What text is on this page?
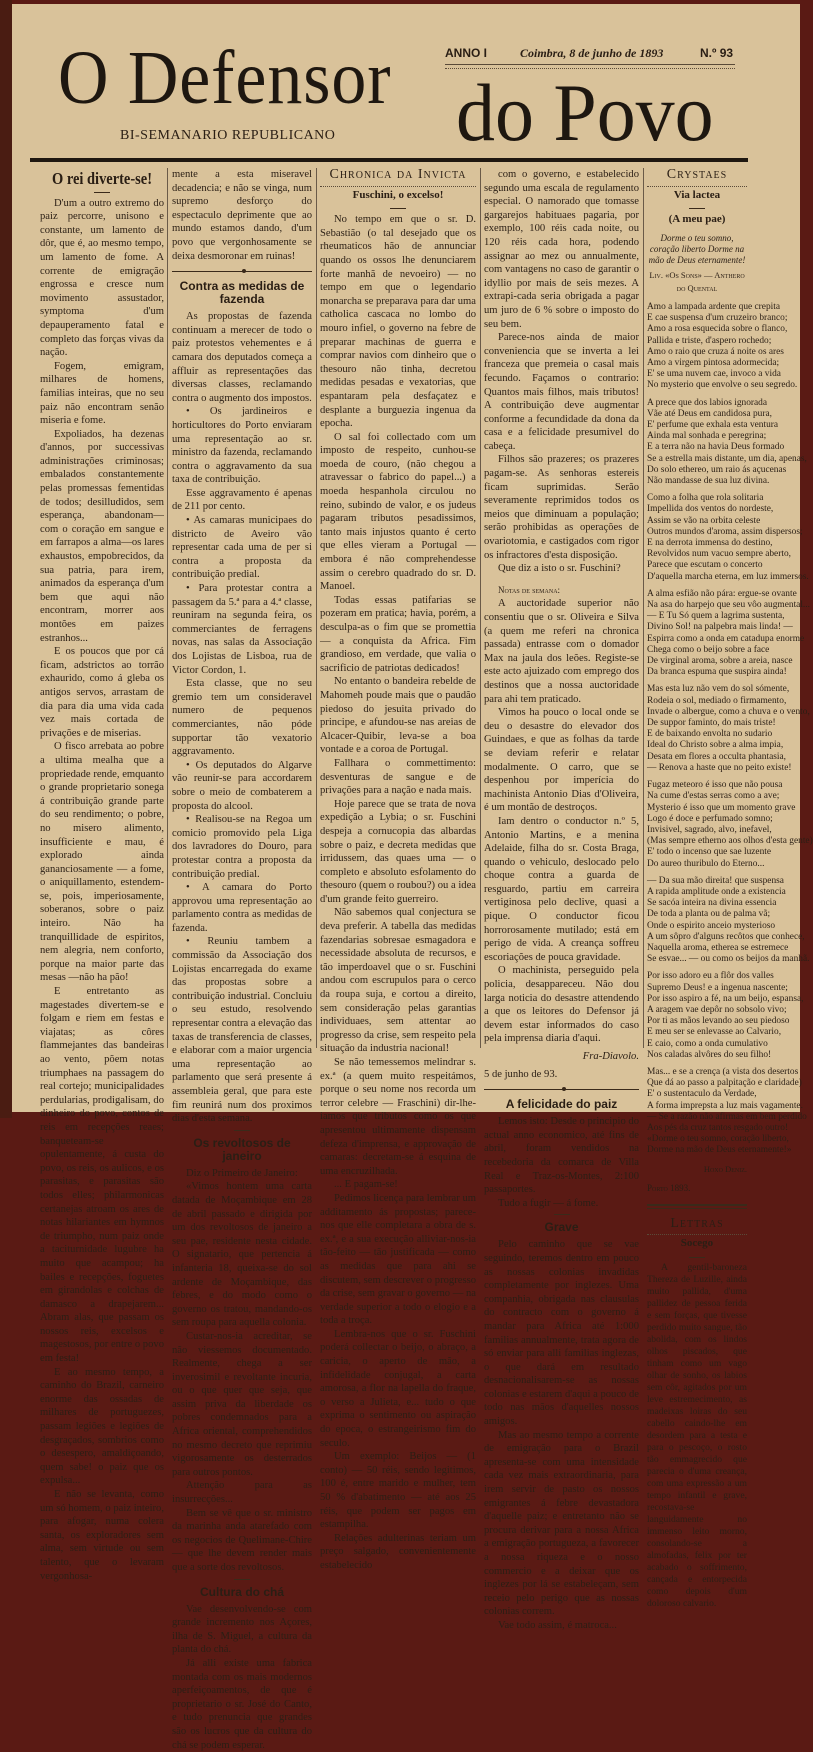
O Defensor do Povo
BI-SEMANARIO REPUBLICANO
ANNO I	Coimbra, 8 de junho de 1893	N.º 93
O rei diverte-se!

D'um a outro extremo do paiz percorre, unisono e constante, um lamento de dôr, que é, ao mesmo tempo, um lamento de fome. A corrente de emigração engrossa e cresce num movimento assustador, symptoma d'um depauperamento fatal e completo das forças vivas da nação.

Fogem, emigram, milhares de homens, familias inteiras, que no seu paiz não encontram senão miseria e fome.

Expoliados, ha dezenas d'annos, por successivas administrações criminosas; embalados constantemente pelas promessas fementidas de todos; desilludidos, sem esperança, abandonam—com o coração em sangue e em farrapos a alma—os lares exhaustos, empobrecidos, da sua patria, para irem, animados da esperança d'um bem que aqui não encontram, morrer aos montões em paizes estranhos...

E os poucos que por cá ficam, adstrictos ao torrão exhaurido, como á gleba os antigos servos, arrastam de dia para dia uma vida cada vez mais cortada de privações e de miserias.

O fisco arrebata ao pobre a ultima mealha que a propriedade rende, emquanto o grande proprietario sonega á contribuição grande parte do seu rendimento; o pobre, no misero alimento, insufficiente e mau, é explorado ainda gananciosamente — a fome, o aniquillamento, estendem-se, pois, imperiosamente, soberanos, sobre o paiz inteiro. Não ha tranquillidade de espiritos, nem alegria, nem conforto, porque na maior parte das mesas —não ha pão!

E entretanto as magestades divertem-se e folgam e riem em festas e viajatas; as côres flammejantes das bandeiras ao vento, põem notas triumphaes na passagem do real cortejo; municipalidades perdularias, prodigalisam, do dinheiro do povo, contos de reis em recepções reaes; banqueteam-se opulentamente, á custa do povo, os reis, os aulicos, e os parasitas, e parasitas são todos elles; philarmonicas certanejas atroam os ares de notas hilariantes em hymnos de triumpho, num paiz onde a taciturnidade lugubre ha muito que acampou; ha bailes e recepções, foguetes em girandolas e colchas de damasco a drapejarem... Abram alas, que passam os nossos reis, excelsos e magestosos, por entre o povo em festa!

E ao mesmo tempo, a caminho do Brazil, carneiro enorme das ossadas de milhares de portuguezes, passam legiões e legiões de desgraçados, sombrios como o desespero, amaldiçoando, quem sabe! o paiz que os expulsa...

E não se levanta, como um só homem, o paiz inteiro, para afogar, numa colera santa, os exploradores sem alma, sem virtude ou sem talento, que o levaram vergonhosa-

mente a esta miseravel decadencia; e não se vinga, num supremo desforço do espectaculo deprimente que ao mundo estamos dando, d'um povo que vergonhosamente se deixa desmoronar em ruinas!

Contra as medidas de fazenda

As propostas de fazenda continuam a merecer de todo o paiz protestos vehementes e á camara dos deputados começa a affluir as representações das diversas classes, reclamando contra o augmento dos impostos.

• Os jardineiros e horticultores do Porto enviaram uma representação ao sr. ministro da fazenda, reclamando contra o aggravamento da sua taxa de contribuição.

Esse aggravamento é apenas de 211 por cento.

• As camaras municipaes do districto de Aveiro vão representar cada uma de per si contra a proposta da contribuição predial.

• Para protestar contra a passagem da 5.ª para a 4.ª classe, reuniram na segunda feira, os commerciantes de ferragens novas, nas salas da Associação dos Lojistas de Lisboa, rua de Victor Cordon, 1.

Esta classe, que no seu gremio tem um consideravel numero de pequenos commerciantes, não póde supportar tão vexatorio aggravamento.

• Os deputados do Algarve vão reunir-se para accordarem sobre o meio de combaterem a proposta do alcool.

• Realisou-se na Regoa um comicio promovido pela Liga dos lavradores do Douro, para protestar contra a proposta da contribuição predial.

• A camara do Porto approvou uma representação ao parlamento contra as medidas de fazenda.

• Reuniu tambem a commissão da Associação dos Lojistas encarregada do exame das propostas sobre a contribuição industrial. Concluiu o seu estudo, resolvendo representar contra a elevação das taxas de transferencia de classes, e elaborar com a maior urgencia uma representação ao parlamento que será presente á assembleia geral, que para este fim reunirá num dos proximos dias d'esta semana.

Os revoltosos de janeiro

Diz o Primeiro de Janeiro:

«Vimos hontem uma carta datada de Moçambique em 28 de abril passado e dirigida por um dos revoltosos de janeiro a seu pae, residente nesta cidade. O signatario, que pertencia á infanteria 18, queixa-se do sol ardente de Moçambique, das febres, e do modo como o governo os tratou, mandando-os sem roupa para aquella colonia.

Custar-nos-ia acreditar, se não viessemos documentado. Realmente, chega a ser inverosimil e revoltante incuria, ou o que quer que seja, que assim priva da liberdade os pobres condemnados para a Africa oriental, comprehendidos no mesmo decreto que reprimiu vigorosamente os desterrados para outros pontos.

Attenção para as insurrecções...

Bem se vê que o sr. ministro da marinha anda atarefado com os negocios de Quelimane-Chire — que lhe devem render mais que a sorte dos revoltosos.

Cultura do chá

Vae desenvolvendo-se com grande incremento nos Açores, ilha de S. Miguel, a cultura da planta do chá.

Já alli existe uma fabrica montada com os mais modernos aperfeiçoamentos, de que é proprietario o sr. José do Canto, e tudo prenuncia que grandes são os lucros que da cultura do chá se podem esperar.

Chronica da Invicta
Fuschini, o excelso!

No tempo em que o sr. D. Sebastião (o tal desejado que os rheumaticos hão de annunciar quando os ossos lhe denunciarem forte manhã de nevoeiro) — no tempo em que o legendario monarcha se preparava para dar uma catholica cascaca no lombo do mouro infiel, o governo na febre de preparar machinas de guerra e comprar navios com dinheiro que o thesouro não tinha, decretou medidas pesadas e vexatorias, que espantaram pela desfaçatez e desplante a burguezia ingenua da epocha.

O sal foi collectado com um imposto de respeito, cunhou-se moeda de couro, (não chegou a atravessar o fabrico do papel...) a moeda hespanhola circulou no reino, subindo de valor, e os judeus pagaram tributos pesadissimos, tanto mais injustos quanto é certo que elles vieram a Portugal — embora é não comprehendesse assim o cerebro quadrado do sr. D. Manoel.

Todas essas patifarias se pozeram em pratica; havia, porém, a desculpa-as o fim que se promettia — a conquista da Africa. Fim grandioso, em verdade, que valia o sacrificio de patriotas dedicados!

No entanto o bandeira rebelde de Mahomeh poude mais que o paudão piedoso do jesuita privado do principe, e afundou-se nas areias de Alcacer-Quibir, leva-se a boa vontade e a coroa de Portugal.

Fallhara o commettimento: desventuras de sangue e de privações para a nação e nada mais.

Hoje parece que se trata de nova expedição a Lybia; o sr. Fuschini despeja a cornucopia das albardas sobre o paiz, e decreta medidas que irridussem, das quaes uma — o completo e absoluto esfolamento do thesouro (quem o roubou?) ou a idea d'um grande feito guerreiro.

Não sabemos qual conjectura se deva preferir. A tabella das medidas fazendarias sobresae esmagadora e necessidade absoluta de recursos, e tão imperdoavel que o sr. Fuschini andou com escrupulos para o cerco da roupa suja, e cortou a direito, sem consideração pelas garantias individuaes, sem attentar ao progresso da crise, sem respeito pela situação da industria nacional!

Se não temessemos melindrar s. ex.ª (a quem muito respeitámos, porque o seu nome nos recorda um terror celebre — Fraschini) dir-lhe-iamos que tributos como os que apresentou ultimamente dispensam defeza d'imprensa, e approvação de camaras: decretam-se á esquina de uma encruzilhada.

... E pagam-se!

Pedimos licença para lembrar um additamento ás propostas; parece-nos que elle completara a obra de s. ex.ª, e a sua execução alliviar-nos-ia tão-feito — tão justificada — como as medidas que para ahi se discutem, sem descrever o progresso da crise, sem gravar o governo — na verdade superior a todo o elogio e a toda a troça.

Lembra-nos que o sr. Fuschini poderá collectar o beijo, o abraço, a caricia, o aperto de mão, a infidelidade conjugal, a carta amorosa, a flor na lapella do fraque, o verso a Julieta, e... tudo o que exprima o sentimento ou aspiração do epoca, o estrangeirismo fim do seculo.

Um exemplo: Beijos — (1 conto) — 50 réis, sendo legitimos, 100 é, entre marido e mulher, tem 50 % d'abatimento — até aos 25 réis, que podem ser pagos em estampilha.

Relações adulterinas teriam um preço salgado, convenientemente estabelecido

com o governo, e estabelecido segundo uma escala de regulamento especial. O namorado que tomasse gargarejos habituaes pagaria, por exemplo, 100 réis cada noite, ou 120 réis cada hora, podendo assignar ao mez ou annualmente, com vantagens no caso de garantir o idyllio por mais de seis mezes. A extrapi-cada seria obrigada a pagar um juro de 6 % sobre o imposto do seu bem.

Parece-nos ainda de maior conveniencia que se inverta a lei franceza que premeia o casal mais fecundo. Façamos o contrario: Quantos mais filhos, mais tributos! A contribuição deve augmentar conforme a fecundidade da dona da casa e a felicidade presumivel do cabeça.

Filhos são prazeres; os prazeres pagam-se. As senhoras estereis ficam suprimidas. Serão severamente reprimidos todos os meios que diminuam a população; serão prohibidas as operações de ovariotomia, e castigados com rigor os infractores d'esta disposição.

Que diz a isto o sr. Fuschini?

Notas de semana:

A auctoridade superior não consentiu que o sr. Oliveira e Silva (a quem me referi na chronica passada) entrasse com o domador Max na jaula dos leões. Registe-se este acto ajuizado com emprego dos destinos que a nossa auctoridade para ahi tem praticado.

Vimos ha pouco o local onde se deu o desastre do elevador dos Guindaes, e que as folhas da tarde se deviam referir e relatar modalmente. O carro, que se despenhou por imperícia do machinista Antonio Dias d'Oliveira, é um montão de destroços.

Iam dentro o conductor n.º 5, Antonio Martins, e a menina Adelaide, filha do sr. Costa Braga, quando o vehiculo, deslocado pelo choque contra a guarda de resguardo, partiu em carreira vertiginosa pelo declive, quasi a pique. O conductor ficou horrorosamente mutilado; está em perigo de vida. A creança soffreu escoriações de pouca gravidade.

O machinista, perseguido pela policia, desappareceu. Não dou larga noticia do desastre attendendo a que os leitores do Defensor já devem estar informados do caso pela imprensa diaria d'aqui.

Fra-Diavolo.

5 de junho de 93.

A felicidade do paiz

Lemos isto: Desde o principio do actual anno economico, até fins de abril, foram vendidos na recebedoria da comarca de Villa Real e Traz-os-Montes, 2:100 passaportes.

Tudo a fugir — á fome.

Grave

Pelo caminho que se vae seguindo, teremos dentro em pouco as nossas colonias invadidas completamente por inglezes. Uma companhia, obrigada nas clausulas do contracto com o governo á mandar para Africa até 1:000 familias annualmente, trata agora de só enviar para alli familias inglezas, o que dará em resultado desnacionalisarem-se as nossas colonias e estarem d'aqui a pouco de todo nas mãos d'aquelles nossos amigos.

Mas ao mesmo tempo a corrente de emigração para o Brazil apresenta-se com uma intensidade cada vez mais extraordinaria, para irem servir de pasto os nossos emigrantes á febre devastadora d'aquelle paiz; e entretanto não se procura derivar para a nossa Africa a emigração portugueza, a favorecer a nossa riqueza e o nosso commercio e a deixar que os inglezes por lá se estabeleçam, sem receio pelo perigo que as nossas colonias correm.

Vae todo assim, é matroca...

Crystaes
Via lactea
(A meu pae)
Dorme o teu somno, coração liberto Dorme na mão de Deus eternamente!
Liv. «Os Sons» — Anthero do Quental
Amo a lampada ardente que crepita
E cae suspensa d'um cruzeiro branco;
Amo a rosa esquecida sobre o flanco,
Pallida e triste, d'aspero rochedo;
Amo o raio que cruza á noite os ares
Amo a virgem pintosa adormecida;
E' se uma nuvem cae, invoco a vida
No mysterio que envolve o seu segredo.
A prece que dos labios ignorada
Vãe até Deus em candidosa pura,
E' perfume que exhala esta ventura
Ainda mal sonhada e peregrina;
E a terra não na havia Deus formado
Se a estrella mais distante, um dia, apenas,
Do solo ethereo, um raio ás açucenas
Não mandasse de sua luz divina.
Como a folha que rola solitaria
Impellida dos ventos do nordeste,
Assim se vão na orbita celeste
Outros mundos d'aroma, assim dispersos;
E na derrota immensa do destino,
Revolvidos num vacuo sempre aberto,
Parece que escutam o concerto
D'aquella marcha eterna, em luz immersos.
A alma esfião não pára: ergue-se ovante
Na asa do harpejo que seu vôo augmental...
— E Tu Só quem a lagrima sustenta,
Divino Sol! na palpebra mais linda! —
Espirra como a onda em catadupa enorme
Chega como o beijo sobre a face
De virginal aroma, sobre a areia, nasce
Da branca espuma que suspira ainda!
Mas esta luz não vem do sol sómente,
Rodeia o sol, mediado o firmamento,
Invade o albergue, como a chuva e o vento,
De suppor faminto, do mais triste!
E de baixando envolta no sudario
Ideal do Christo sobre a alma impia,
Desata em flores a occulta phantasia,
— Renova a haste que no peito existe!
Fugaz meteoro é isso que não pousa
Na cume d'estas serras como a ave;
Mysterio é isso que um momento grave
Logo é doce e perfumado somno;
Invisivel, sagrado, alvo, inefavel,
(Mas sempre etherno aos olhos d'esta gente)
E' todo o incenso que sae luzente
Do aureo thuribulo do Eterno...
— Da sua mão direita! que suspensa
A rapida amplitude onde a existencia
Se sacóa inteira na divina essencia
De toda a planta ou de palma vã;
Onde o espirito anceio mysterioso
A um sôpro d'alguns recôtos que conhece,
Naquella aroma, etherea se estremece
Se esvae... — ou como os beijos da manhã.
Por isso adoro eu a flôr dos valles
Supremo Deus! e a ingenua nascente;
Por isso aspiro a fé, na um beijo, espansa,
A aragem vae depôr no sobsolo vivo;
Por ti as mãos levando ao seu piedoso
E meu ser se enlevasse ao Calvario,
E caio, como a onda cumulativo
Nos caladas alvôres do seu filho!
Mas... e se a crença (a vista dos desertos
Que dá ao passo a palpitação e claridade)
E' o sustentaculo da Verdade,
A forma imprepsta a luz mais vagamente.
— Se a razão não afirmas em bem perdido
Aos pés da cruz tantos resgado outro!
«Dorme o teu somno, coração liberto,
Dorme na mão de Deus eternamente!»
Hoxo Deniz.
Porto 1893.
Lettras
Socego

A gentil-baroneza Thereza de Luzille, ainda muito pallida, d'uma pallidez de pessoa ferida e sem forças, que tivesse perdido muito sangue, tão abolida, com os lindos olhos piscados, que tinham como um vago olhar de sonho, os labios sem côr, agitados por um leve estremecimento, as madeixas loiras do seu cabello caindo-lhe em desordem para a testa e para o pescoço, o rosto tão emmagrecido que parecia o d'uma creança, com uma expressão a um tempo infantil e grave, recostava-se languidamente no immenso leito morno, consolando-se a almofadas, felix por ter acabado o soffrimento, cançada e entorpecida como depois d'um doloroso calvario.
